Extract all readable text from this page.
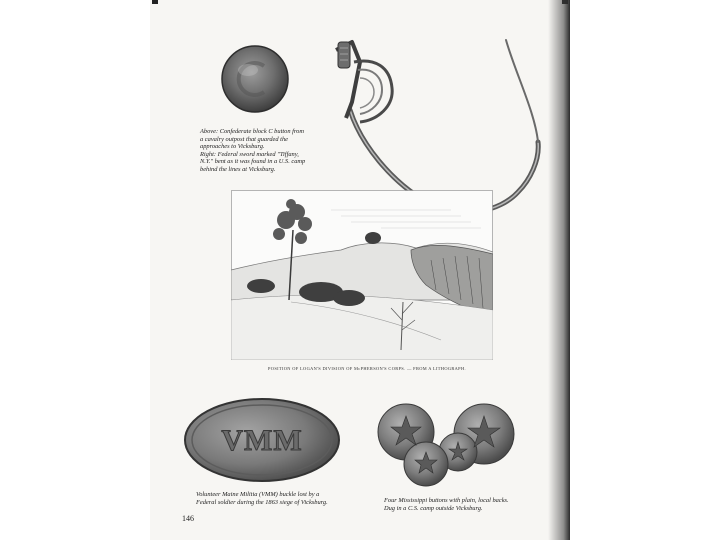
Above: Confederate block C button from
a cavalry outpost that guarded the
approaches to Vicksburg.
Right: Federal sword marked "Tiffany,
N.Y." bent as it was found in a U.S. camp
behind the lines at Vicksburg.
POSITION OF LOGAN'S DIVISION OF McPHERSON'S CORPS. — FROM A LITHOGRAPH.
VMM
Volunteer Maine Militia (VMM) buckle lost by a
Federal soldier during the 1863 siege of Vicksburg.	Four Mississippi buttons with plain, local backs.
Dug in a C.S. camp outside Vicksburg.
146
